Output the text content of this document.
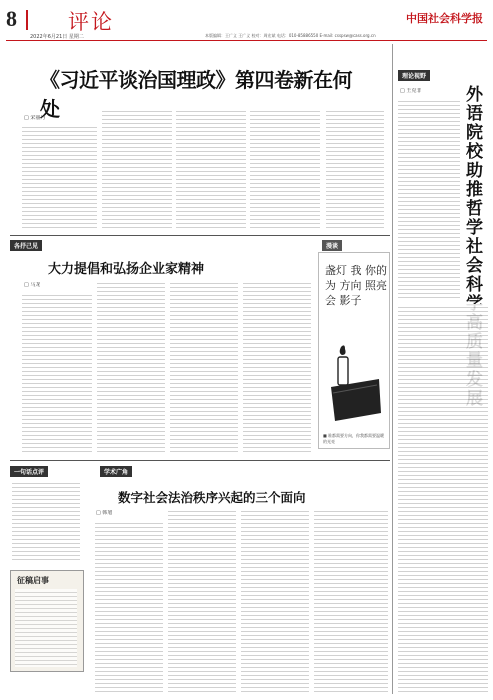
8 评论
2022年6月21日 星期二
中国社会科学报
本版编辑：王广义 王广义 校对：周宏斌 电话：010-85886550 E-mail: csspsw@cass.org.cn
《习近平谈治国理政》第四卷新在何处
□ 宋丽丹
各抒己见
大力提倡和弘扬企业家精神
□ 马龙
漫谈
盏灯 我 你的 为 方向 照亮 会 影子
■ 谁都需要方向，你我都需要温暖的光亮
一句话点评
征稿启事
学术广角
数字社会法治秩序兴起的三个面向
□ 韩旭
理论视野
外语院校助推哲学社会科
□ 王克非
